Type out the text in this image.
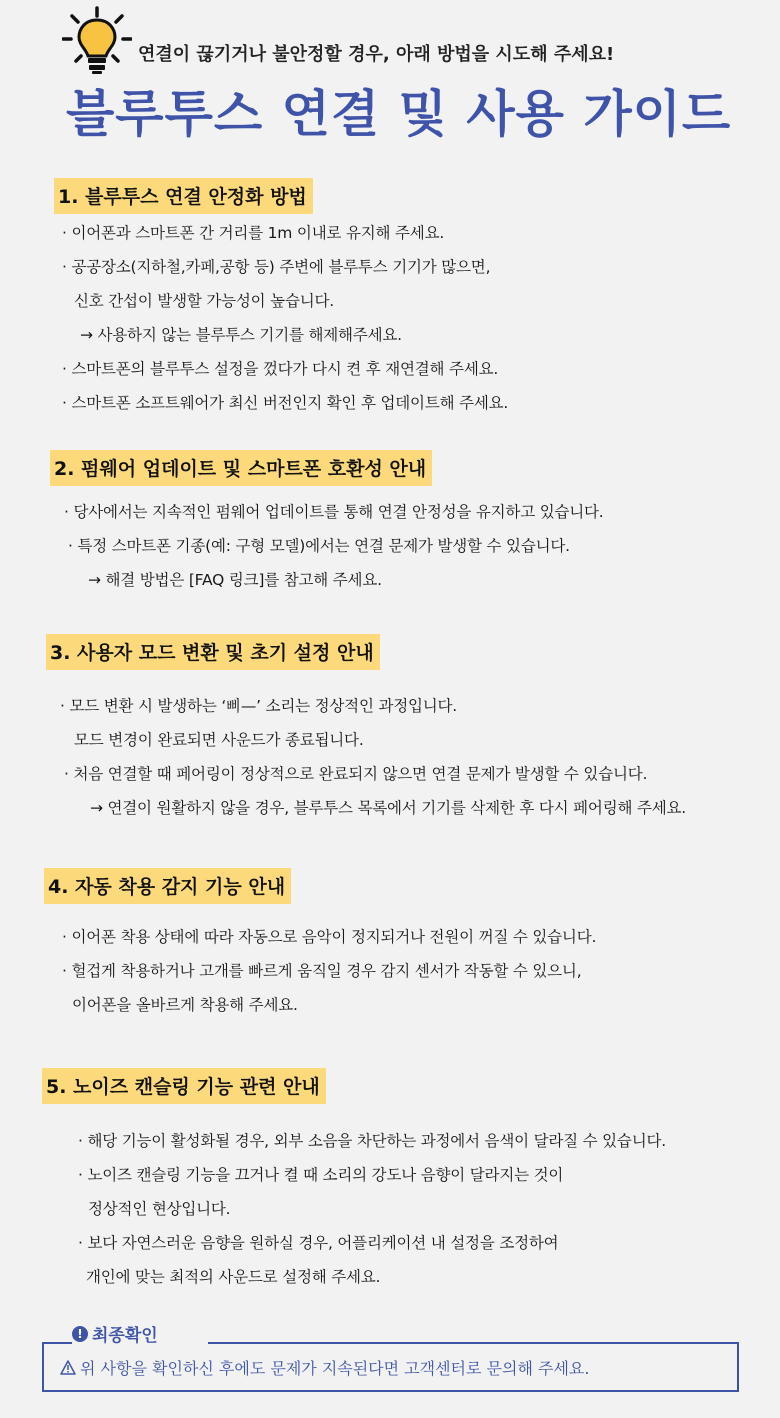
연결이 끊기거나 불안정할 경우, 아래 방법을 시도해 주세요!
블루투스 연결 및 사용 가이드
1. 블루투스 연결 안정화 방법
· 이어폰과 스마트폰 간 거리를 1m 이내로 유지해 주세요.
· 공공장소(지하철,카페,공항 등) 주변에 블루투스 기기가 많으면,
신호 간섭이 발생할 가능성이 높습니다.
→ 사용하지 않는 블루투스 기기를 해제해주세요.
· 스마트폰의 블루투스 설정을 껐다가 다시 켠 후 재연결해 주세요.
· 스마트폰 소프트웨어가 최신 버전인지 확인 후 업데이트해 주세요.
2. 펌웨어 업데이트 및 스마트폰 호환성 안내
· 당사에서는 지속적인 펌웨어 업데이트를 통해 연결 안정성을 유지하고 있습니다.
· 특정 스마트폰 기종(예: 구형 모델)에서는 연결 문제가 발생할 수 있습니다.
→ 해결 방법은 [FAQ 링크]를 참고해 주세요.
3. 사용자 모드 변환 및 초기 설정 안내
· 모드 변환 시 발생하는 ‘삐—’ 소리는 정상적인 과정입니다.
모드 변경이 완료되면 사운드가 종료됩니다.
· 처음 연결할 때 페어링이 정상적으로 완료되지 않으면 연결 문제가 발생할 수 있습니다.
→ 연결이 원활하지 않을 경우, 블루투스 목록에서 기기를 삭제한 후 다시 페어링해 주세요.
4. 자동 착용 감지 기능 안내
· 이어폰 착용 상태에 따라 자동으로 음악이 정지되거나 전원이 꺼질 수 있습니다.
· 헐겁게 착용하거나 고개를 빠르게 움직일 경우 감지 센서가 작동할 수 있으니,
이어폰을 올바르게 착용해 주세요.
5. 노이즈 캔슬링 기능 관련 안내
· 해당 기능이 활성화될 경우, 외부 소음을 차단하는 과정에서 음색이 달라질 수 있습니다.
· 노이즈 캔슬링 기능을 끄거나 켤 때 소리의 강도나 음향이 달라지는 것이
정상적인 현상입니다.
· 보다 자연스러운 음향을 원하실 경우, 어플리케이션 내 설정을 조정하여
개인에 맞는 최적의 사운드로 설정해 주세요.
! 최종확인
위 사항을 확인하신 후에도 문제가 지속된다면 고객센터로 문의해 주세요.
